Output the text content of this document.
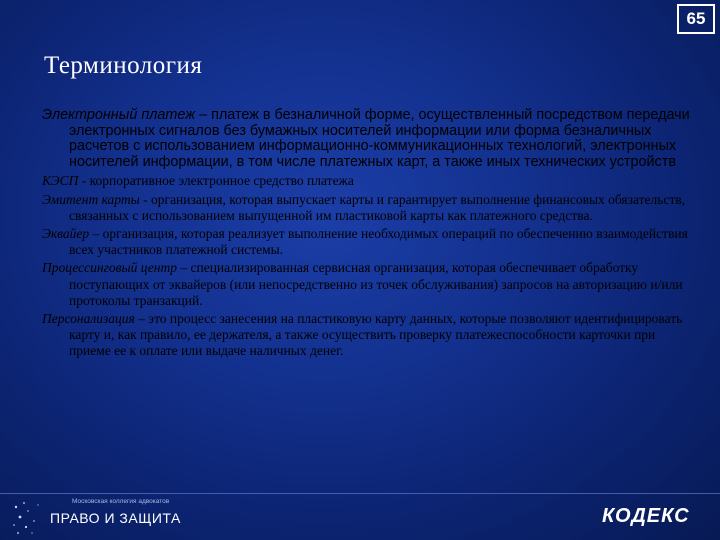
65
Терминология

Электронный платеж – платеж в безналичной форме, осуществленный посредством передачи электронных сигналов без бумажных носителей информации или форма безналичных расчетов с использованием информационно-коммуникационных технологий, электронных носителей информации, в том числе платежных карт, а также иных технических устройств

КЭСП - корпоративное электронное средство платежа

Эмитент карты - организация, которая выпускает карты и гарантирует выполнение финансовых обязательств, связанных с использованием выпущенной им пластиковой карты как платежного средства.

Эквайер – организация, которая реализует выполнение необходимых операций по обеспечению взаимодействия всех участников платежной системы.

Процессинговый центр – специализированная сервисная организация, которая обеспечивает обработку поступающих от эквайеров (или непосредственно из точек обслуживания) запросов на авторизацию и/или протоколы транзакций.

Персонализация – это процесс занесения на пластиковую карту данных, которые позволяют идентифицировать карту и, как правило, ее держателя, а также осуществить проверку платежеспособности карточки при приеме ее к оплате или выдаче наличных денег.

Московская коллегия адвокатов
ПРАВО И ЗАЩИТА	КОДЕКС
